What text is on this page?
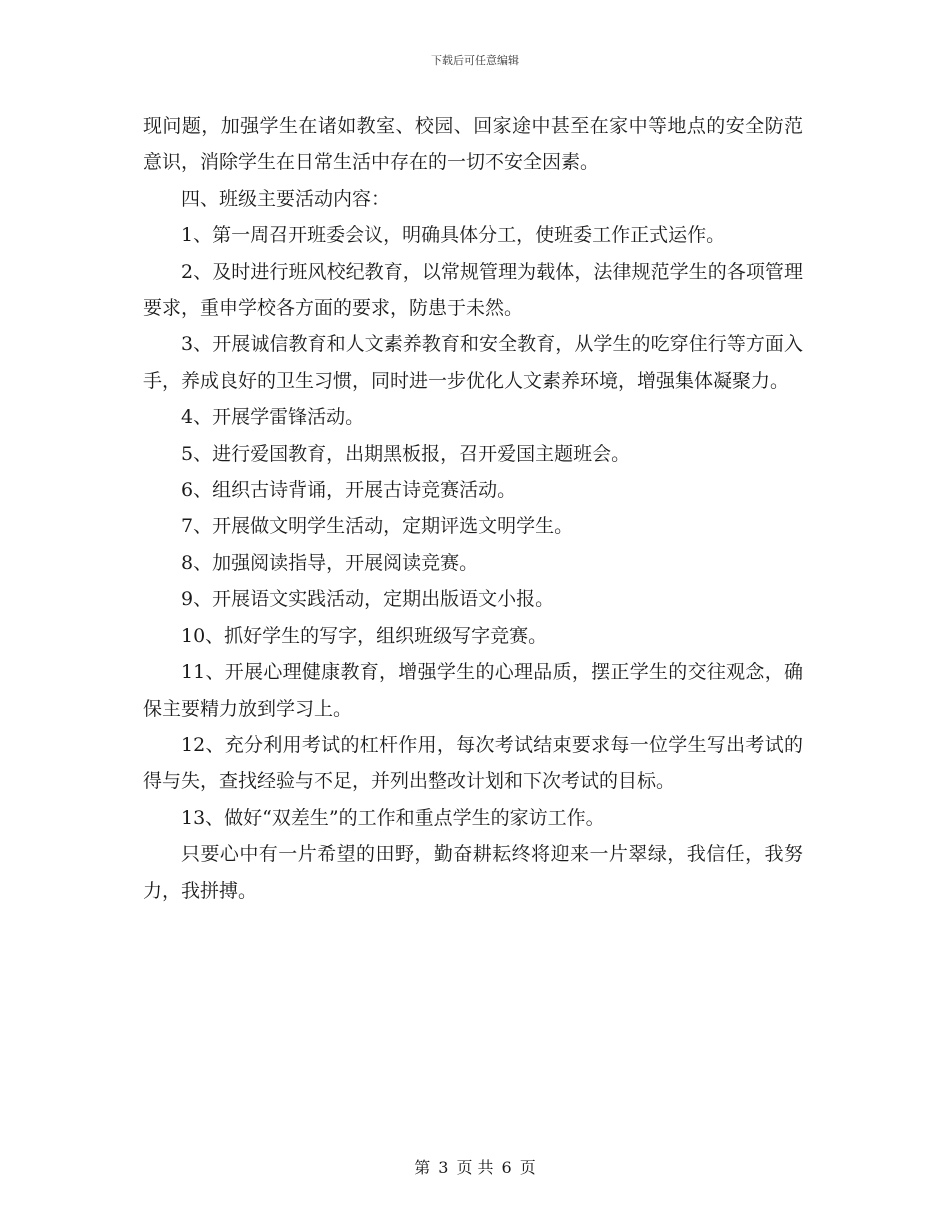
下载后可任意编辑

现问题，加强学生在诸如教室、校园、回家途中甚至在家中等地点的安全防范意识，消除学生在日常生活中存在的一切不安全因素。

四、班级主要活动内容：

1、第一周召开班委会议，明确具体分工，使班委工作正式运作。

2、及时进行班风校纪教育，以常规管理为载体，法律规范学生的各项管理要求，重申学校各方面的要求，防患于未然。

3、开展诚信教育和人文素养教育和安全教育，从学生的吃穿住行等方面入手，养成良好的卫生习惯，同时进一步优化人文素养环境，增强集体凝聚力。

4、开展学雷锋活动。

5、进行爱国教育，出期黑板报，召开爱国主题班会。

6、组织古诗背诵，开展古诗竞赛活动。

7、开展做文明学生活动，定期评选文明学生。

8、加强阅读指导，开展阅读竞赛。

9、开展语文实践活动，定期出版语文小报。

10、抓好学生的写字，组织班级写字竞赛。

11、开展心理健康教育，增强学生的心理品质，摆正学生的交往观念，确保主要精力放到学习上。

12、充分利用考试的杠杆作用，每次考试结束要求每一位学生写出考试的得与失，查找经验与不足，并列出整改计划和下次考试的目标。

13、做好“双差生”的工作和重点学生的家访工作。

只要心中有一片希望的田野，勤奋耕耘终将迎来一片翠绿，我信任，我努力，我拼搏。

第 3 页 共 6 页
